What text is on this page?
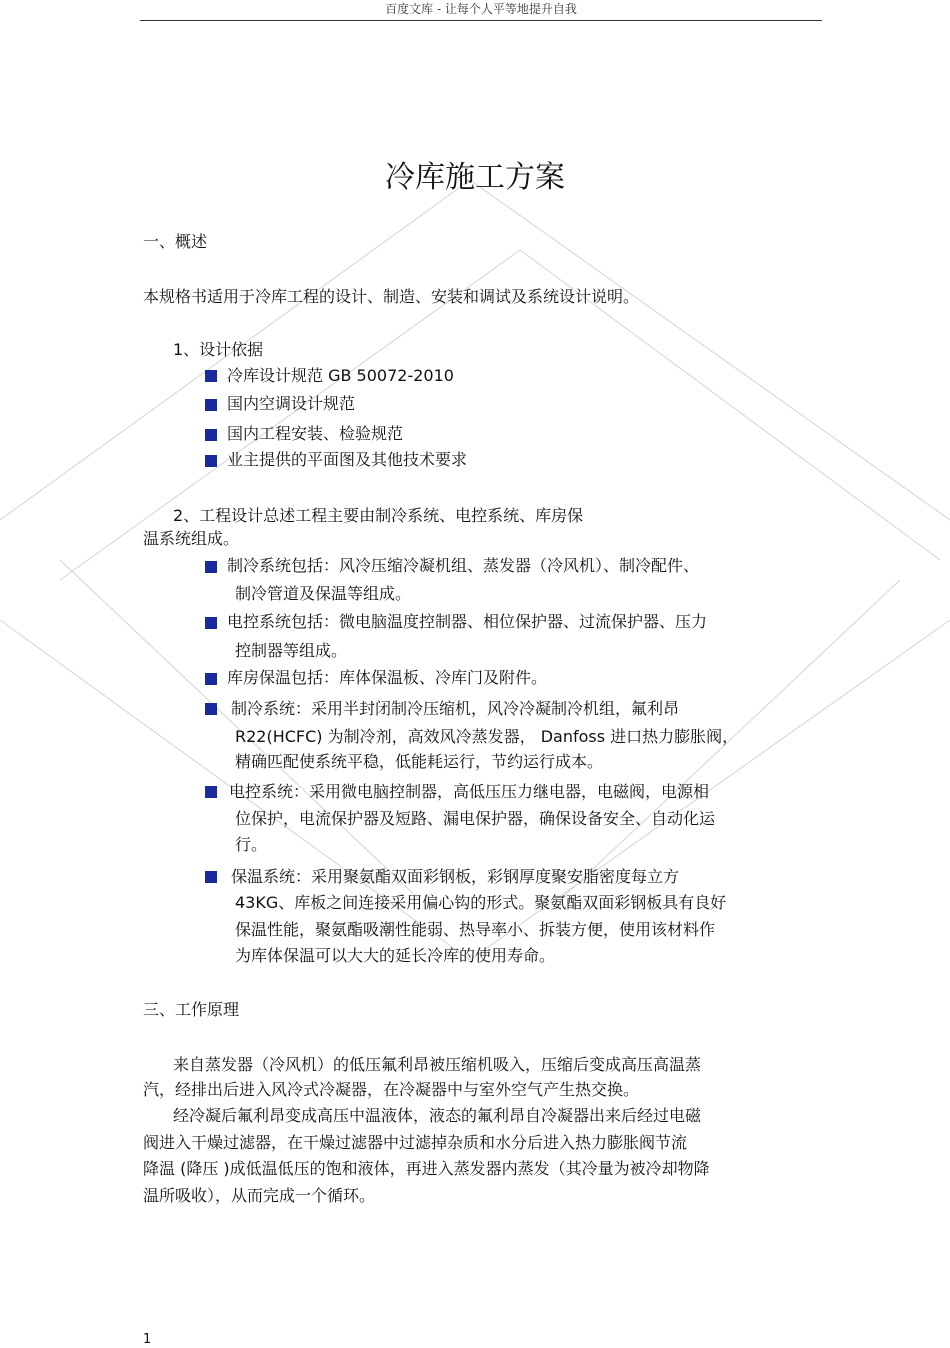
百度文库 - 让每个人平等地提升自我
冷库施工方案
一、概述
本规格书适用于冷库工程的设计、制造、安装和调试及系统设计说明。
1、设计依据
冷库设计规范 GB 50072-2010
国内空调设计规范
国内工程安装、检验规范
业主提供的平面图及其他技术要求
2、工程设计总述工程主要由制冷系统、电控系统、库房保
温系统组成。
制冷系统包括：风冷压缩冷凝机组、蒸发器（冷风机）、制冷配件、
制冷管道及保温等组成。
电控系统包括：微电脑温度控制器、相位保护器、过流保护器、压力
控制器等组成。
库房保温包括：库体保温板、冷库门及附件。
制冷系统：采用半封闭制冷压缩机，风冷冷凝制冷机组，氟利昂
R22(HCFC) 为制冷剂，高效风冷蒸发器， Danfoss 进口热力膨胀阀，
精确匹配使系统平稳，低能耗运行，节约运行成本。
电控系统：采用微电脑控制器，高低压压力继电器，电磁阀，电源相
位保护，电流保护器及短路、漏电保护器，确保设备安全、自动化运
行。
保温系统：采用聚氨酯双面彩钢板，彩钢厚度聚安脂密度每立方
43KG、库板之间连接采用偏心钩的形式。聚氨酯双面彩钢板具有良好
保温性能，聚氨酯吸潮性能弱、热导率小、拆装方便，使用该材料作
为库体保温可以大大的延长冷库的使用寿命。
三、工作原理
来自蒸发器（冷风机）的低压氟利昂被压缩机吸入，压缩后变成高压高温蒸
汽，经排出后进入风冷式冷凝器，在冷凝器中与室外空气产生热交换。
经冷凝后氟利昂变成高压中温液体，液态的氟利昂自冷凝器出来后经过电磁
阀进入干燥过滤器，在干燥过滤器中过滤掉杂质和水分后进入热力膨胀阀节流
降温 (降压 )成低温低压的饱和液体，再进入蒸发器内蒸发（其冷量为被冷却物降
温所吸收），从而完成一个循环。
1
